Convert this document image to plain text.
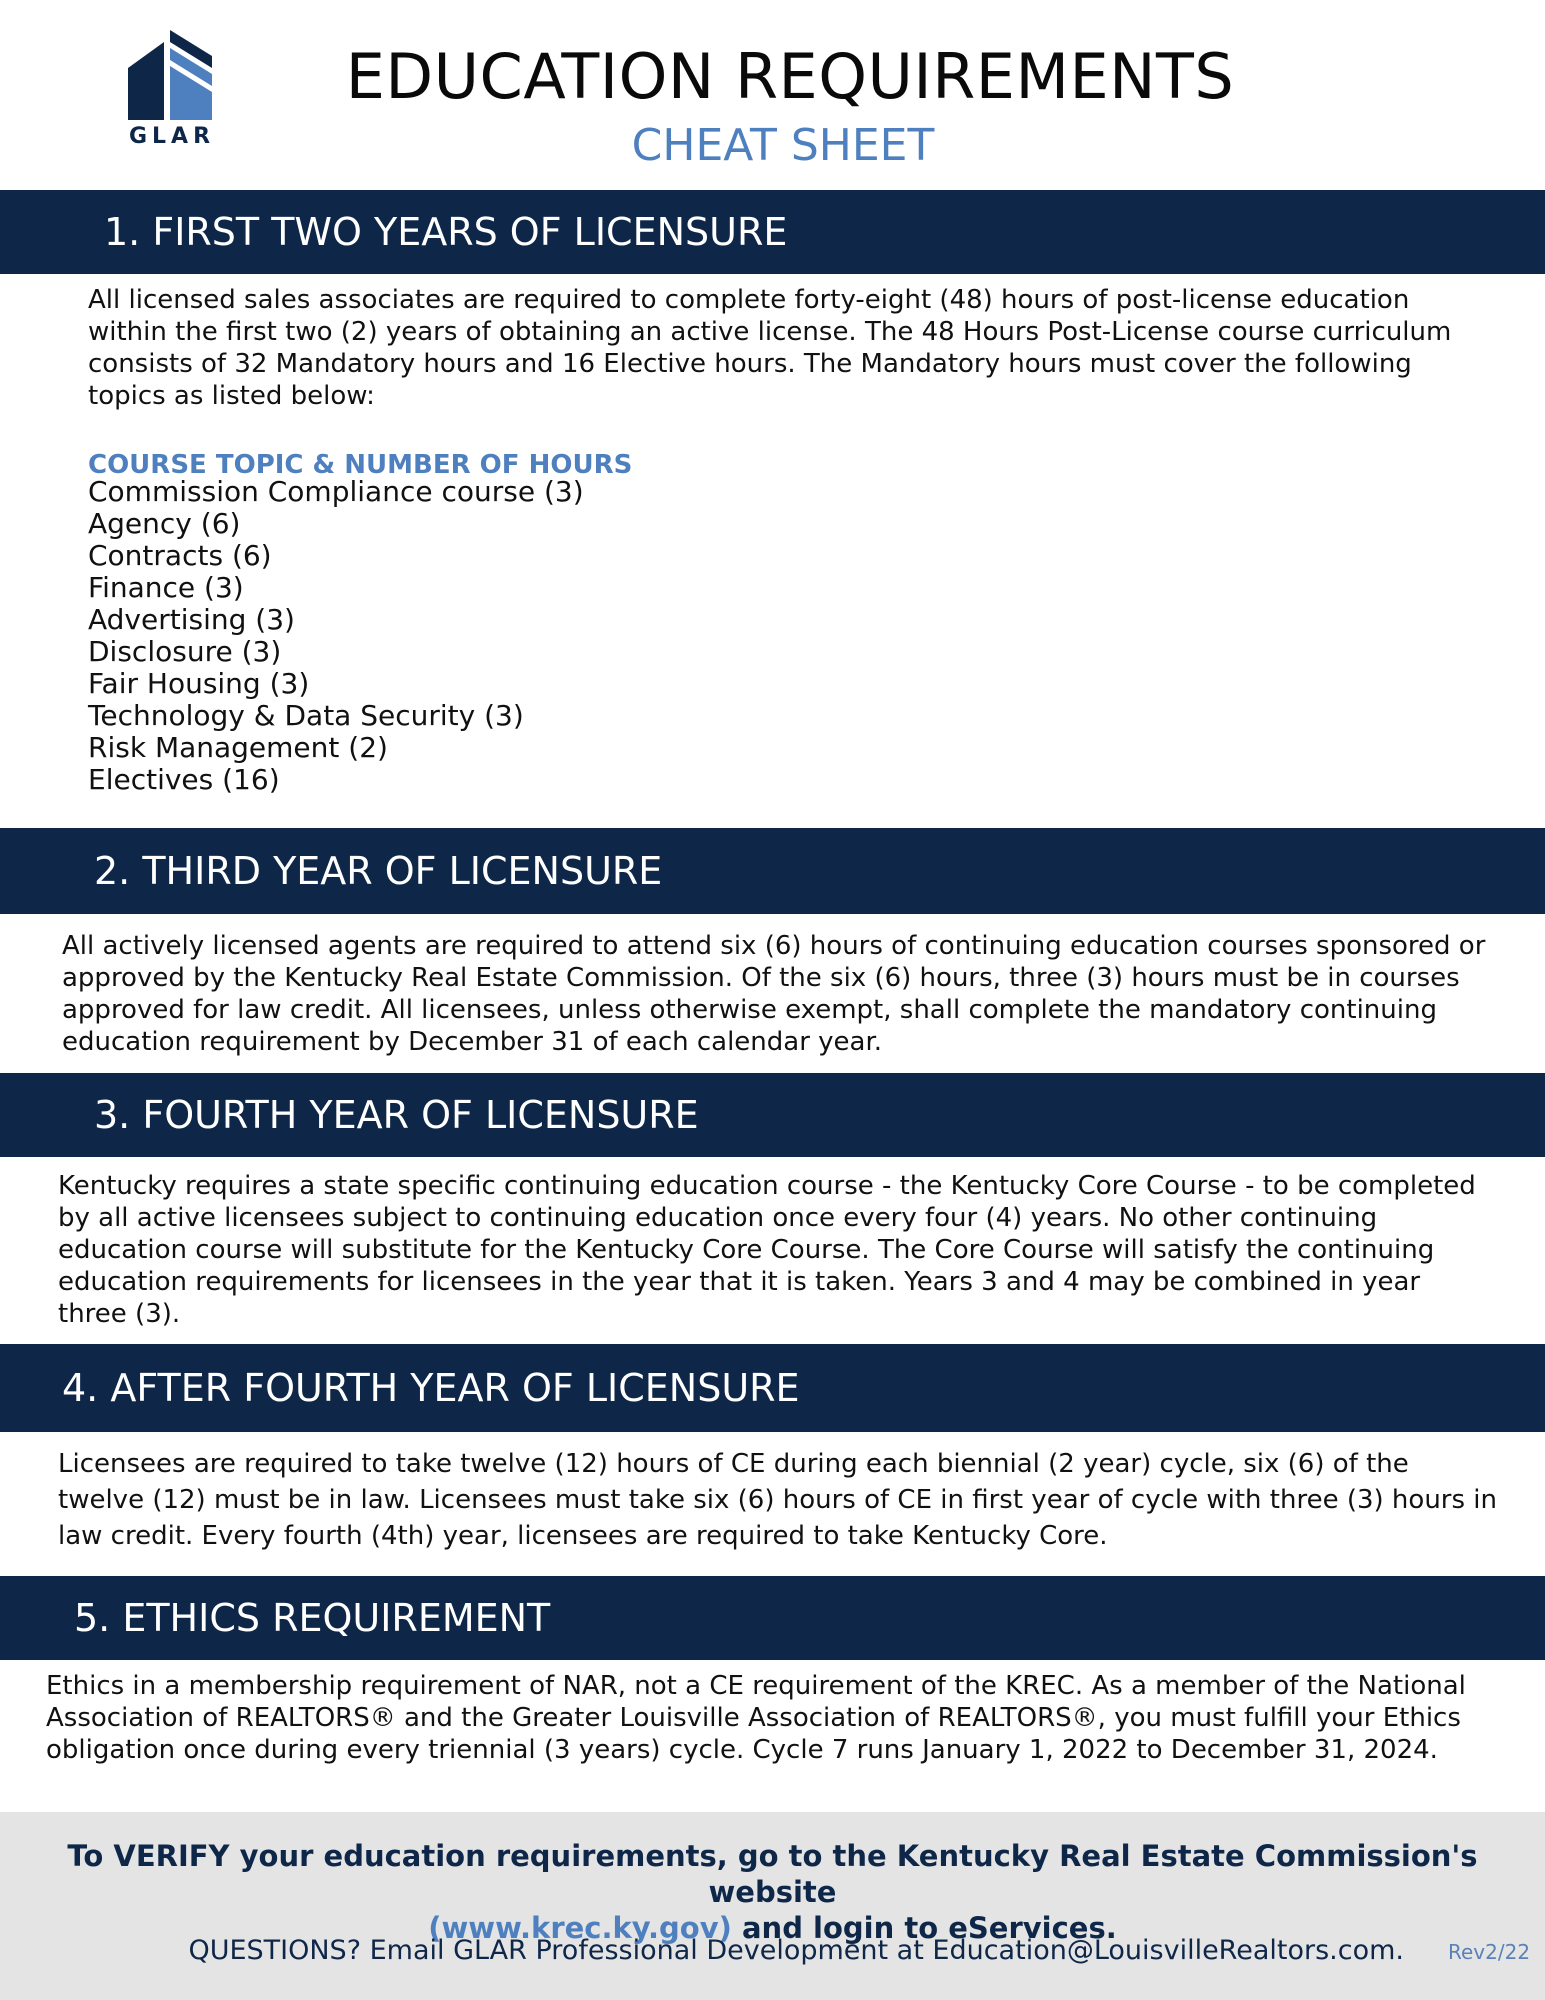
GLAR
EDUCATION REQUIREMENTS
CHEAT SHEET
1. FIRST TWO YEARS OF LICENSURE
All licensed sales associates are required to complete forty-eight (48) hours of post-license education within the first two (2) years of obtaining an active license. The 48 Hours Post-License course curriculum consists of 32 Mandatory hours and 16 Elective hours. The Mandatory hours must cover the following topics as listed below:
COURSE TOPIC & NUMBER OF HOURS
Commission Compliance course (3)
Agency (6)
Contracts (6)
Finance (3)
Advertising (3)
Disclosure (3)
Fair Housing (3)
Technology & Data Security (3)
Risk Management (2)
Electives (16)
2. THIRD YEAR OF LICENSURE
All actively licensed agents are required to attend six (6) hours of continuing education courses sponsored or approved by the Kentucky Real Estate Commission. Of the six (6) hours, three (3) hours must be in courses approved for law credit. All licensees, unless otherwise exempt, shall complete the mandatory continuing education requirement by December 31 of each calendar year.
3. FOURTH YEAR OF LICENSURE
Kentucky requires a state specific continuing education course - the Kentucky Core Course - to be completed by all active licensees subject to continuing education once every four (4) years. No other continuing education course will substitute for the Kentucky Core Course. The Core Course will satisfy the continuing education requirements for licensees in the year that it is taken. Years 3 and 4 may be combined in year three (3).
4. AFTER FOURTH YEAR OF LICENSURE
Licensees are required to take twelve (12) hours of CE during each biennial (2 year) cycle, six (6) of the twelve (12) must be in law. Licensees must take six (6) hours of CE in first year of cycle with three (3) hours in law credit. Every fourth (4th) year, licensees are required to take Kentucky Core.
5. ETHICS REQUIREMENT
Ethics in a membership requirement of NAR, not a CE requirement of the KREC. As a member of the National Association of REALTORS® and the Greater Louisville Association of REALTORS®, you must fulfill your Ethics obligation once during every triennial (3 years) cycle. Cycle 7 runs January 1, 2022 to December 31, 2024.
To VERIFY your education requirements, go to the Kentucky Real Estate Commission's website
(www.krec.ky.gov) and login to eServices.
QUESTIONS? Email GLAR Professional Development at Education@LouisvilleRealtors.com. Rev2/22
